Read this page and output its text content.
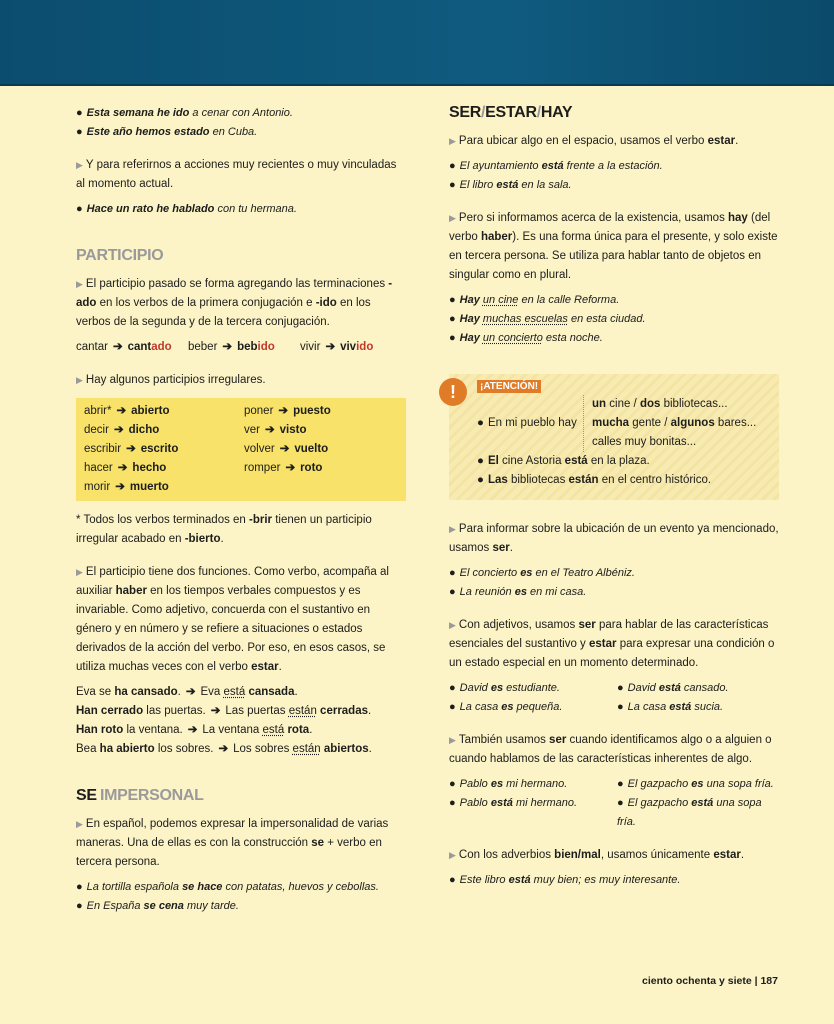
● Esta semana he ido a cenar con Antonio.
● Este año hemos estado en Cuba.
▶ Y para referirnos a acciones muy recientes o muy vinculadas al momento actual.
● Hace un rato he hablado con tu hermana.
PARTICIPIO
▶ El participio pasado se forma agregando las terminaciones -ado en los verbos de la primera conjugación e -ido en los verbos de la segunda y de la tercera conjugación.
cantar ➔ cantado	beber ➔ bebido	vivir ➔ vivido
▶ Hay algunos participios irregulares.
abrir* ➔ abierto	poner ➔ puesto
decir ➔ dicho	ver ➔ visto
escribir ➔ escrito	volver ➔ vuelto
hacer ➔ hecho	romper ➔ roto
morir ➔ muerto
* Todos los verbos terminados en -brir tienen un participio irregular acabado en -bierto.
▶ El participio tiene dos funciones. Como verbo, acompaña al auxiliar haber en los tiempos verbales compuestos y es invariable. Como adjetivo, concuerda con el sustantivo en género y en número y se refiere a situaciones o estados derivados de la acción del verbo. Por eso, en esos casos, se utiliza muchas veces con el verbo estar.
Eva se ha cansado. ➔ Eva está cansada.
Han cerrado las puertas. ➔ Las puertas están cerradas.
Han roto la ventana. ➔ La ventana está rota.
Bea ha abierto los sobres. ➔ Los sobres están abiertos.
SE IMPERSONAL
▶ En español, podemos expresar la impersonalidad de varias maneras. Una de ellas es con la construcción se + verbo en tercera persona.
● La tortilla española se hace con patatas, huevos y cebollas.
● En España se cena muy tarde.
SER/ESTAR/HAY
▶ Para ubicar algo en el espacio, usamos el verbo estar.
● El ayuntamiento está frente a la estación.
● El libro está en la sala.
▶ Pero si informamos acerca de la existencia, usamos hay (del verbo haber). Es una forma única para el presente, y solo existe en tercera persona. Se utiliza para hablar tanto de objetos en singular como en plural.
● Hay un cine en la calle Reforma.
● Hay muchas escuelas en esta ciudad.
● Hay un concierto esta noche.
!	¡ATENCIÓN!
● En mi pueblo hay
un cine / dos bibliotecas...
mucha gente / algunos bares...
calles muy bonitas...
● El cine Astoria está en la plaza.
● Las bibliotecas están en el centro histórico.
▶ Para informar sobre la ubicación de un evento ya mencionado, usamos ser.
● El concierto es en el Teatro Albéniz.
● La reunión es en mi casa.
▶ Con adjetivos, usamos ser para hablar de las características esenciales del sustantivo y estar para expresar una condición o un estado especial en un momento determinado.
● David es estudiante.	● David está cansado.
● La casa es pequeña.	● La casa está sucia.
▶ También usamos ser cuando identificamos algo o a alguien o cuando hablamos de las características inherentes de algo.
● Pablo es mi hermano.	● El gazpacho es una sopa fría.
● Pablo está mi hermano.	● El gazpacho está una sopa fría.
▶ Con los adverbios bien/mal, usamos únicamente estar.
● Este libro está muy bien; es muy interesante.
ciento ochenta y siete | 187
